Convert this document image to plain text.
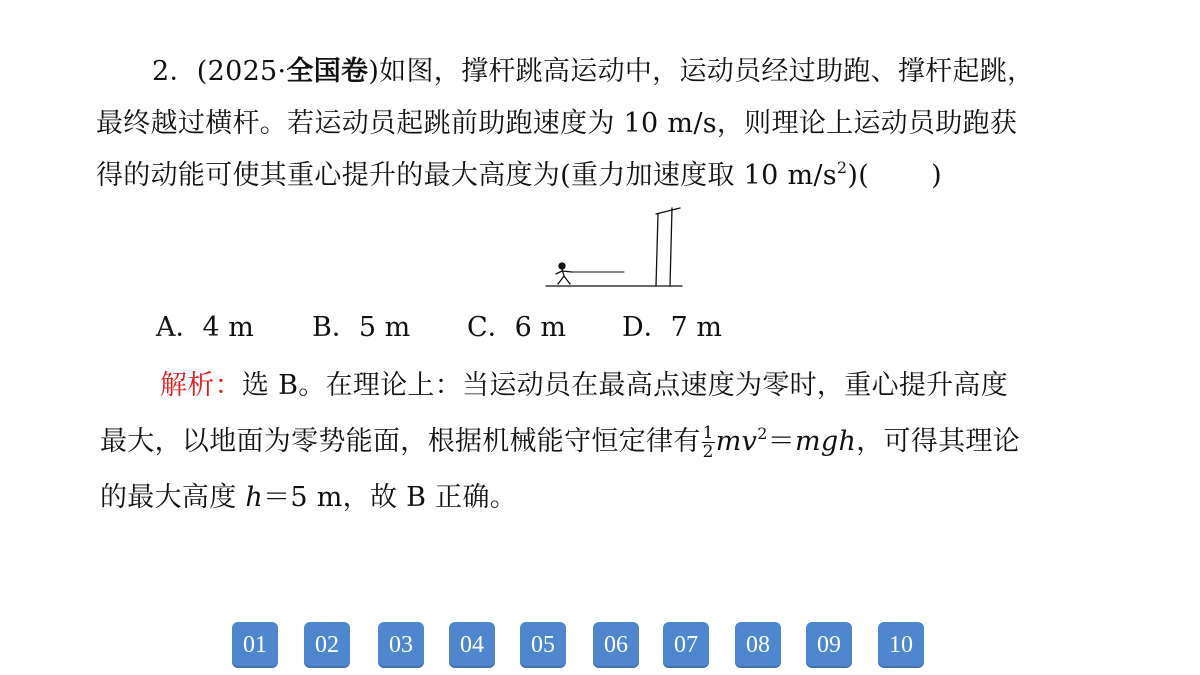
2．(2025·全国卷)如图，撑杆跳高运动中，运动员经过助跑、撑杆起跳，
最终越过横杆。若运动员起跳前助跑速度为 10 m/s，则理论上运动员助跑获
得的动能可使其重心提升的最大高度为(重力加速度取 10 $m/s^2$)( )
A．4 m B．5 m C．6 m D．7 m
解析：选 B。在理论上：当运动员在最高点速度为零时，重心提升高度
最大，以地面为零势能面，根据机械能守恒定律有 $\frac{1}{2} mv^2=mgh$，可得其理论
的最大高度 h＝5 m，故 B 正确。
01	02	03	04	05	06	07	08	09	10
